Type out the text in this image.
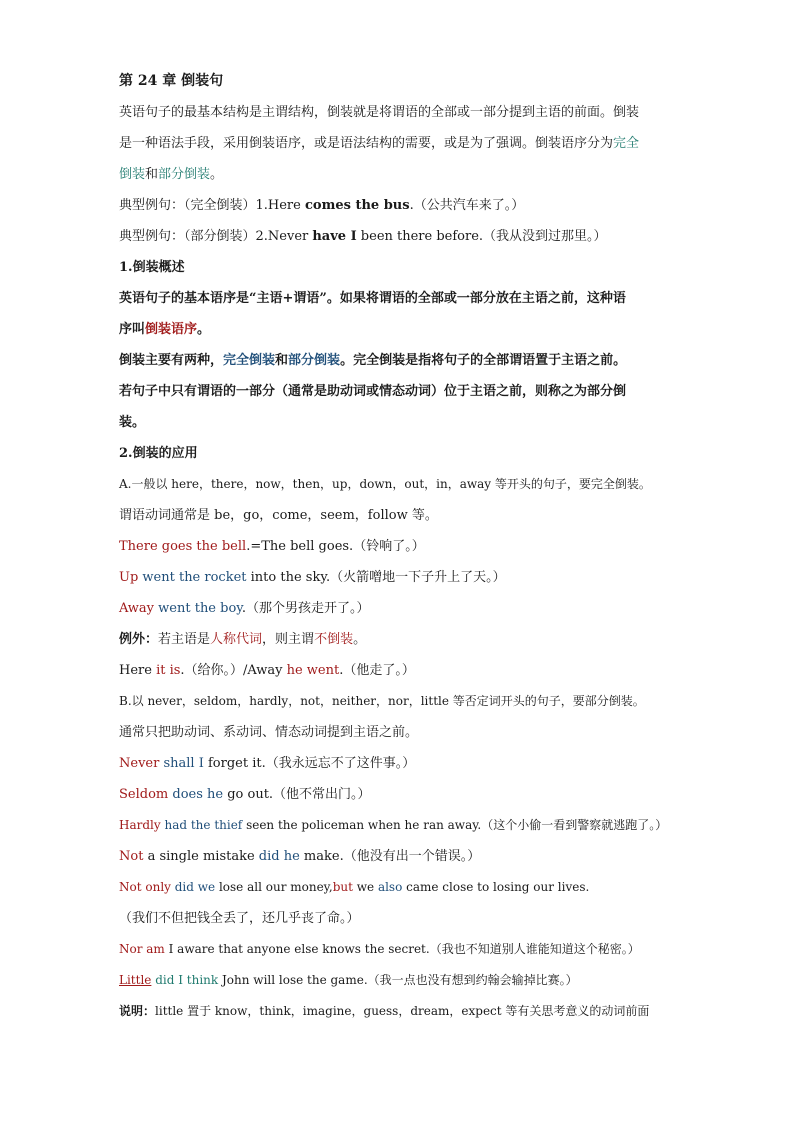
第 24 章 倒装句
英语句子的最基本结构是主谓结构，倒装就是将谓语的全部或一部分提到主语的前面。倒装
是一种语法手段，采用倒装语序，或是语法结构的需要，或是为了强调。倒装语序分为完全
倒装和部分倒装。
典型例句：（完全倒装）1.Here comes the bus.（公共汽车来了。）
典型例句：（部分倒装）2.Never have I been there before.（我从没到过那里。）
1.倒装概述
英语句子的基本语序是“主语+谓语”。如果将谓语的全部或一部分放在主语之前，这种语
序叫倒装语序。
倒装主要有两种，完全倒装和部分倒装。完全倒装是指将句子的全部谓语置于主语之前。
若句子中只有谓语的一部分（通常是助动词或情态动词）位于主语之前，则称之为部分倒
装。
2.倒装的应用
A.一般以 here，there，now，then，up，down，out，in，away 等开头的句子，要完全倒装。
谓语动词通常是 be，go，come，seem，follow 等。
There goes the bell.=The bell goes.（铃响了。）
Up went the rocket into the sky.（火箭噌地一下子升上了天。）
Away went the boy.（那个男孩走开了。）
例外：若主语是人称代词，则主谓不倒装。
Here it is.（给你。）/Away he went.（他走了。）
B.以 never，seldom，hardly，not，neither，nor，little 等否定词开头的句子，要部分倒装。
通常只把助动词、系动词、情态动词提到主语之前。
Never shall I forget it.（我永远忘不了这件事。）
Seldom does he go out.（他不常出门。）
Hardly had the thief seen the policeman when he ran away.（这个小偷一看到警察就逃跑了。）
Not a single mistake did he make.（他没有出一个错误。）
Not only did we lose all our money,but we also came close to losing our lives.
（我们不但把钱全丢了，还几乎丧了命。）
Nor am I aware that anyone else knows the secret.（我也不知道别人谁能知道这个秘密。）
Little did I think John will lose the game.（我一点也没有想到约翰会输掉比赛。）
说明：little 置于 know，think，imagine，guess，dream，expect 等有关思考意义的动词前面
